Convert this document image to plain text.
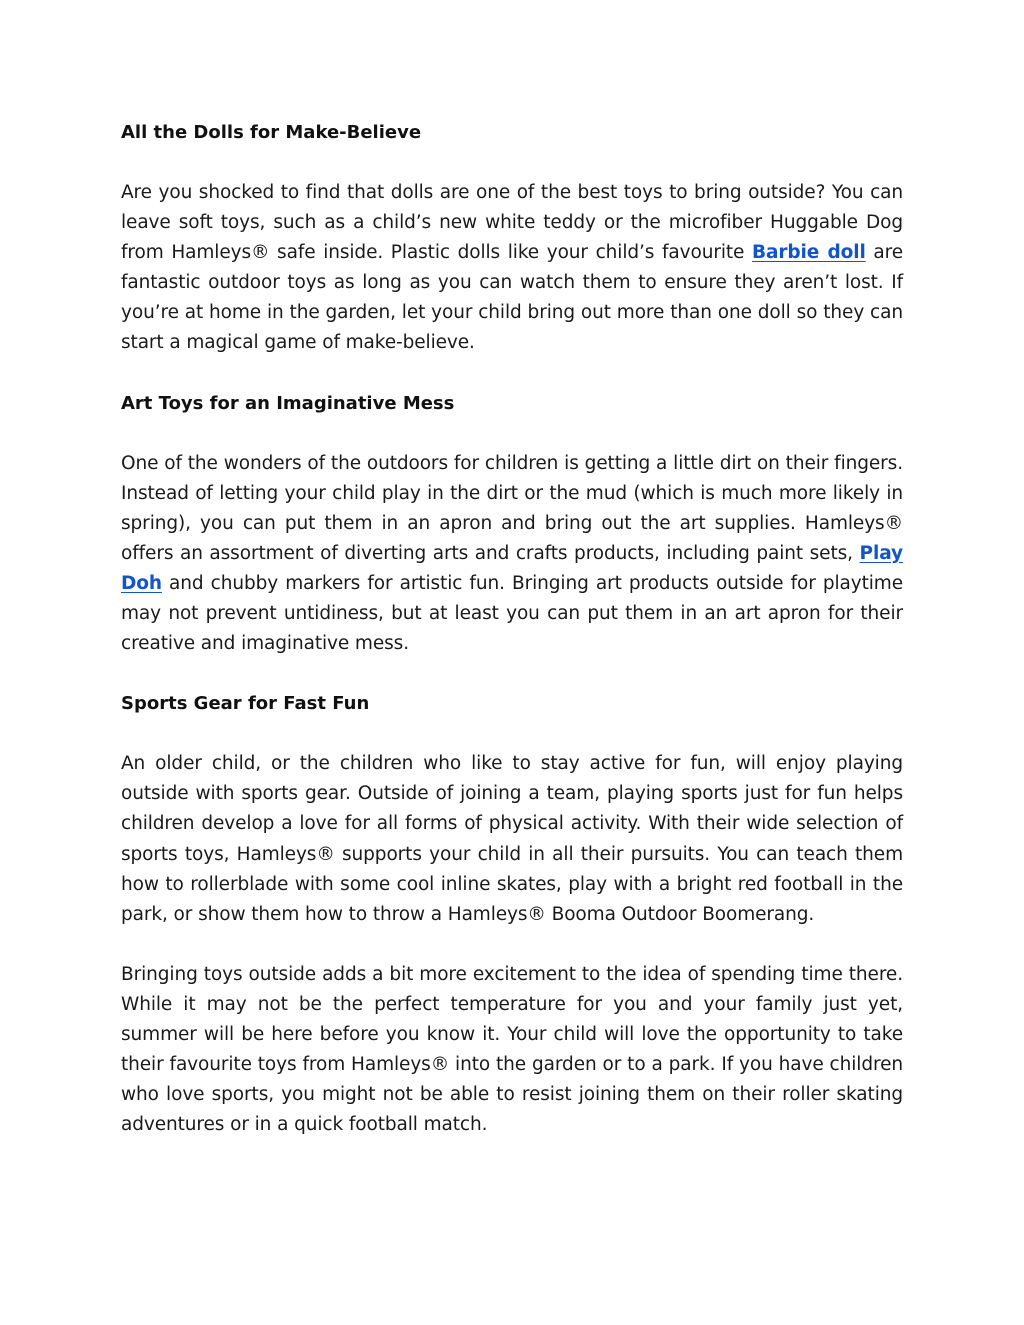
All the Dolls for Make-Believe

Are you shocked to find that dolls are one of the best toys to bring outside? You can leave soft toys, such as a child’s new white teddy or the microfiber Huggable Dog from Hamleys® safe inside. Plastic dolls like your child’s favourite Barbie doll are fantastic outdoor toys as long as you can watch them to ensure they aren’t lost. If you’re at home in the garden, let your child bring out more than one doll so they can start a magical game of make-believe.

Art Toys for an Imaginative Mess

One of the wonders of the outdoors for children is getting a little dirt on their fingers. Instead of letting your child play in the dirt or the mud (which is much more likely in spring), you can put them in an apron and bring out the art supplies. Hamleys® offers an assortment of diverting arts and crafts products, including paint sets, Play Doh and chubby markers for artistic fun. Bringing art products outside for playtime may not prevent untidiness, but at least you can put them in an art apron for their creative and imaginative mess.

Sports Gear for Fast Fun

An older child, or the children who like to stay active for fun, will enjoy playing outside with sports gear. Outside of joining a team, playing sports just for fun helps children develop a love for all forms of physical activity. With their wide selection of sports toys, Hamleys® supports your child in all their pursuits. You can teach them how to rollerblade with some cool inline skates, play with a bright red football in the park, or show them how to throw a Hamleys® Booma Outdoor Boomerang.

Bringing toys outside adds a bit more excitement to the idea of spending time there. While it may not be the perfect temperature for you and your family just yet, summer will be here before you know it. Your child will love the opportunity to take their favourite toys from Hamleys® into the garden or to a park. If you have children who love sports, you might not be able to resist joining them on their roller skating adventures or in a quick football match.
